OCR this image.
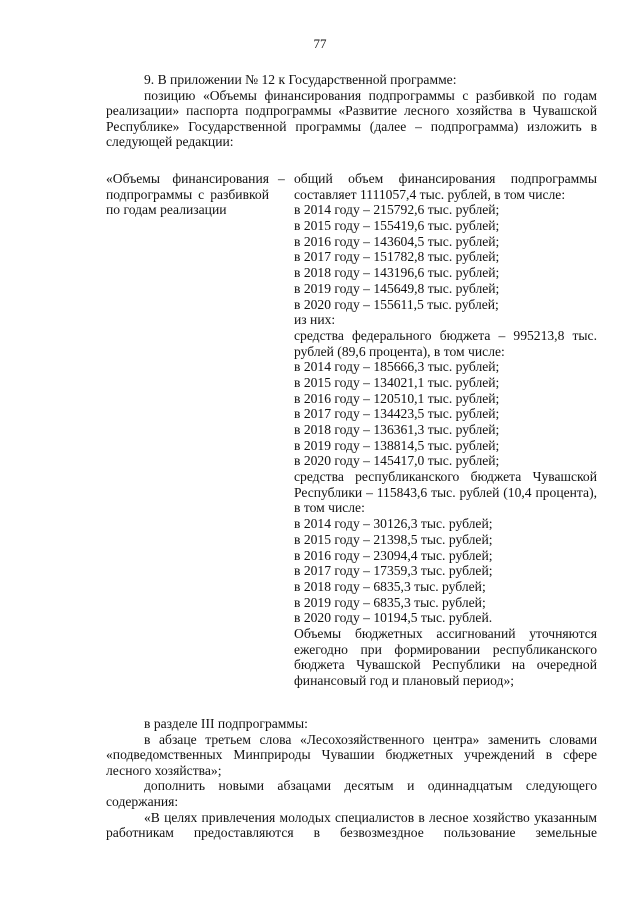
77

9. В приложении № 12 к Государственной программе:

позицию «Объемы финансирования подпрограммы с разбивкой по годам реализации» паспорта подпрограммы «Развитие лесного хозяйства в Чувашской Республике» Государственной программы (далее – подпрограмма) изложить в следующей редакции:

«Объемы финансирования подпрограммы с разбивкой по годам реализации
– общий объем финансирования подпрограммы составляет 1111057,4 тыс. рублей, в том числе:

в 2014 году – 215792,6 тыс. рублей;
в 2015 году – 155419,6 тыс. рублей;
в 2016 году – 143604,5 тыс. рублей;
в 2017 году – 151782,8 тыс. рублей;
в 2018 году – 143196,6 тыс. рублей;
в 2019 году – 145649,8 тыс. рублей;
в 2020 году – 155611,5 тыс. рублей;
из них:

средства федерального бюджета – 995213,8 тыс. рублей (89,6 процента), в том числе:

в 2014 году – 185666,3 тыс. рублей;
в 2015 году – 134021,1 тыс. рублей;
в 2016 году – 120510,1 тыс. рублей;
в 2017 году – 134423,5 тыс. рублей;
в 2018 году – 136361,3 тыс. рублей;
в 2019 году – 138814,5 тыс. рублей;
в 2020 году – 145417,0 тыс. рублей;

средства республиканского бюджета Чувашской Республики – 115843,6 тыс. рублей (10,4 процента), в том числе:

в 2014 году – 30126,3 тыс. рублей;
в 2015 году – 21398,5 тыс. рублей;
в 2016 году – 23094,4 тыс. рублей;
в 2017 году – 17359,3 тыс. рублей;
в 2018 году – 6835,3 тыс. рублей;
в 2019 году – 6835,3 тыс. рублей;
в 2020 году – 10194,5 тыс. рублей.

Объемы бюджетных ассигнований уточняются ежегодно при формировании республиканского бюджета Чувашской Республики на очередной финансовый год и плановый период»;

в разделе III подпрограммы:

в абзаце третьем слова «Лесохозяйственного центра» заменить словами «подведомственных Минприроды Чувашии бюджетных учреждений в сфере лесного хозяйства»;

дополнить новыми абзацами десятым и одиннадцатым следующего содержания:

«В целях привлечения молодых специалистов в лесное хозяйство указанным работникам предоставляются в безвозмездное пользование земельные
